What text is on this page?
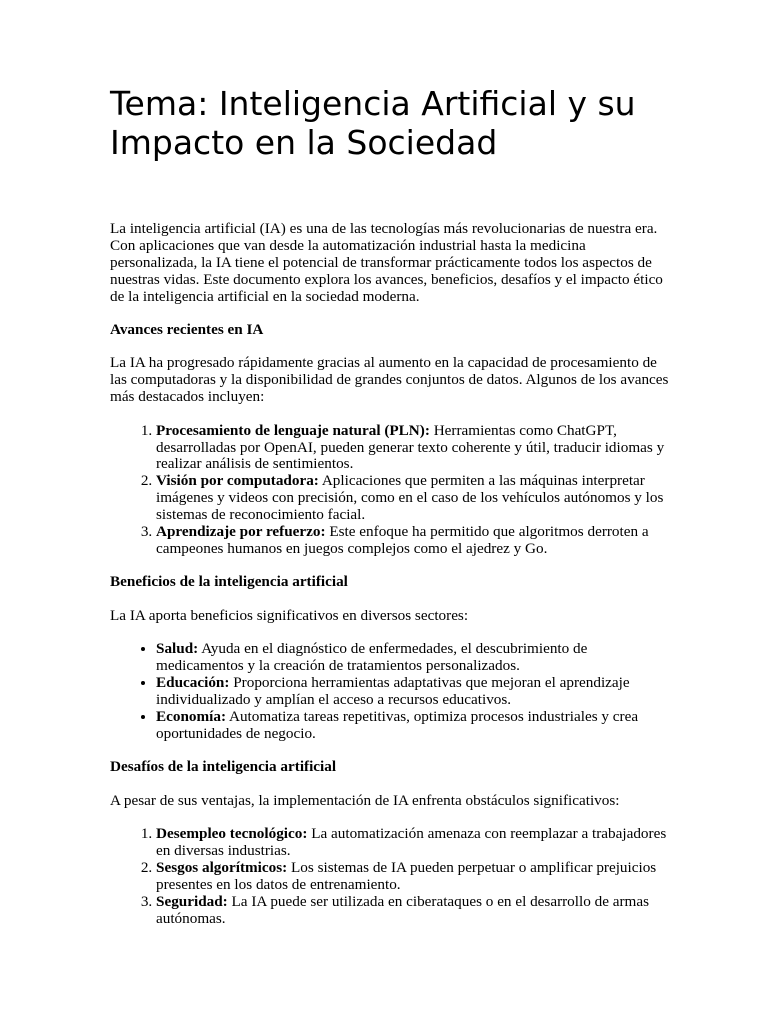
Tema: Inteligencia Artificial y su Impacto en la Sociedad

La inteligencia artificial (IA) es una de las tecnologías más revolucionarias de nuestra era. Con aplicaciones que van desde la automatización industrial hasta la medicina personalizada, la IA tiene el potencial de transformar prácticamente todos los aspectos de nuestras vidas. Este documento explora los avances, beneficios, desafíos y el impacto ético de la inteligencia artificial en la sociedad moderna.

Avances recientes en IA

La IA ha progresado rápidamente gracias al aumento en la capacidad de procesamiento de las computadoras y la disponibilidad de grandes conjuntos de datos. Algunos de los avances más destacados incluyen:

1. Procesamiento de lenguaje natural (PLN): Herramientas como ChatGPT, desarrolladas por OpenAI, pueden generar texto coherente y útil, traducir idiomas y realizar análisis de sentimientos.
2. Visión por computadora: Aplicaciones que permiten a las máquinas interpretar imágenes y videos con precisión, como en el caso de los vehículos autónomos y los sistemas de reconocimiento facial.
3. Aprendizaje por refuerzo: Este enfoque ha permitido que algoritmos derroten a campeones humanos en juegos complejos como el ajedrez y Go.
Beneficios de la inteligencia artificial

La IA aporta beneficios significativos en diversos sectores:

• Salud: Ayuda en el diagnóstico de enfermedades, el descubrimiento de medicamentos y la creación de tratamientos personalizados.
• Educación: Proporciona herramientas adaptativas que mejoran el aprendizaje individualizado y amplían el acceso a recursos educativos.
• Economía: Automatiza tareas repetitivas, optimiza procesos industriales y crea oportunidades de negocio.
Desafíos de la inteligencia artificial

A pesar de sus ventajas, la implementación de IA enfrenta obstáculos significativos:

1. Desempleo tecnológico: La automatización amenaza con reemplazar a trabajadores en diversas industrias.
2. Sesgos algorítmicos: Los sistemas de IA pueden perpetuar o amplificar prejuicios presentes en los datos de entrenamiento.
3. Seguridad: La IA puede ser utilizada en ciberataques o en el desarrollo de armas autónomas.
